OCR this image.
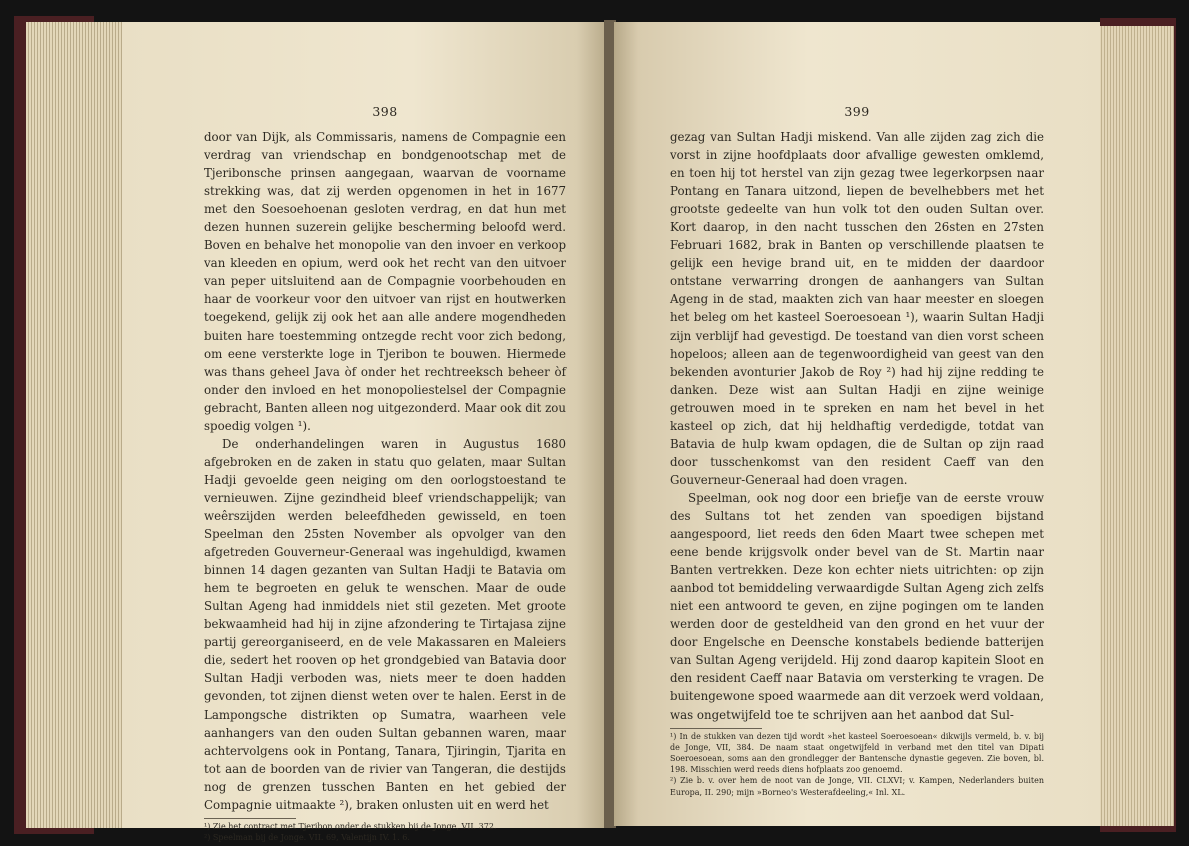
398

door van Dijk, als Commissaris, namens de Compagnie een verdrag van vriendschap en bondgenootschap met de Tjeribonsche prinsen aangegaan, waarvan de voorname strekking was, dat zij werden opgenomen in het in 1677 met den Soesoehoenan gesloten verdrag, en dat hun met dezen hunnen suzerein gelijke bescherming beloofd werd. Boven en behalve het monopolie van den invoer en verkoop van kleeden en opium, werd ook het recht van den uitvoer van peper uitsluitend aan de Compagnie voorbehouden en haar de voorkeur voor den uitvoer van rijst en houtwerken toegekend, gelijk zij ook het aan alle andere mogendheden buiten hare toestemming ontzegde recht voor zich bedong, om eene versterkte loge in Tjeribon te bouwen. Hiermede was thans geheel Java òf onder het rechtreeksch beheer òf onder den invloed en het monopoliestelsel der Compagnie gebracht, Banten alleen nog uitgezonderd. Maar ook dit zou spoedig volgen ¹).

De onderhandelingen waren in Augustus 1680 afgebroken en de zaken in statu quo gelaten, maar Sultan Hadji gevoelde geen neiging om den oorlogstoestand te vernieuwen. Zijne gezindheid bleef vriendschappelijk; van weêrszijden werden beleefdheden gewisseld, en toen Speelman den 25sten November als opvolger van den afgetreden Gouverneur-Generaal was ingehuldigd, kwamen binnen 14 dagen gezanten van Sultan Hadji te Batavia om hem te begroeten en geluk te wenschen. Maar de oude Sultan Ageng had inmiddels niet stil gezeten. Met groote bekwaamheid had hij in zijne afzondering te Tirtajasa zijne partij gereorganiseerd, en de vele Makassaren en Maleiers die, sedert het rooven op het grondgebied van Batavia door Sultan Hadji verboden was, niets meer te doen hadden gevonden, tot zijnen dienst weten over te halen. Eerst in de Lampongsche distrikten op Sumatra, waarheen vele aanhangers van den ouden Sultan gebannen waren, maar achtervolgens ook in Pontang, Tanara, Tjiringin, Tjarita en tot aan de boorden van de rivier van Tangeran, die destijds nog de grenzen tusschen Banten en het gebied der Compagnie uitmaakte ²), braken onlusten uit en werd het

¹) Zie het contract met Tjeribon onder de stukken bij de Jonge, VII. 372.

²) Speelman bij de Jonge. VII. 69, Valentijn IV. 1. 6.

399

gezag van Sultan Hadji miskend. Van alle zijden zag zich die vorst in zijne hoofdplaats door afvallige gewesten omklemd, en toen hij tot herstel van zijn gezag twee legerkorpsen naar Pontang en Tanara uitzond, liepen de bevelhebbers met het grootste gedeelte van hun volk tot den ouden Sultan over. Kort daarop, in den nacht tusschen den 26sten en 27sten Februari 1682, brak in Banten op verschillende plaatsen te gelijk een hevige brand uit, en te midden der daardoor ontstane verwarring drongen de aanhangers van Sultan Ageng in de stad, maakten zich van haar meester en sloegen het beleg om het kasteel Soeroesoean ¹), waarin Sultan Hadji zijn verblijf had gevestigd. De toestand van dien vorst scheen hopeloos; alleen aan de tegenwoordigheid van geest van den bekenden avonturier Jakob de Roy ²) had hij zijne redding te danken. Deze wist aan Sultan Hadji en zijne weinige getrouwen moed in te spreken en nam het bevel in het kasteel op zich, dat hij heldhaftig verdedigde, totdat van Batavia de hulp kwam opdagen, die de Sultan op zijn raad door tusschenkomst van den resident Caeff van den Gouverneur-Generaal had doen vragen.

Speelman, ook nog door een briefje van de eerste vrouw des Sultans tot het zenden van spoedigen bijstand aangespoord, liet reeds den 6den Maart twee schepen met eene bende krijgsvolk onder bevel van de St. Martin naar Banten vertrekken. Deze kon echter niets uitrichten: op zijn aanbod tot bemiddeling verwaardigde Sultan Ageng zich zelfs niet een antwoord te geven, en zijne pogingen om te landen werden door de gesteldheid van den grond en het vuur der door Engelsche en Deensche konstabels bediende batterijen van Sultan Ageng verijdeld. Hij zond daarop kapitein Sloot en den resident Caeff naar Batavia om versterking te vragen. De buitengewone spoed waarmede aan dit verzoek werd voldaan, was ongetwijfeld toe te schrijven aan het aanbod dat Sul-

¹) In de stukken van dezen tijd wordt »het kasteel Soeroesoean« dikwijls vermeld, b. v. bij de Jonge, VII, 384. De naam staat ongetwijfeld in verband met den titel van Dipati Soeroesoean, soms aan den grondlegger der Bantensche dynastie gegeven. Zie boven, bl. 198. Misschien werd reeds diens hofplaats zoo genoemd.

²) Zie b. v. over hem de noot van de Jonge, VII. CLXVI; v. Kampen, Nederlanders buiten Europa, II. 290; mijn »Borneo's Westerafdeeling,« Inl. XL.
